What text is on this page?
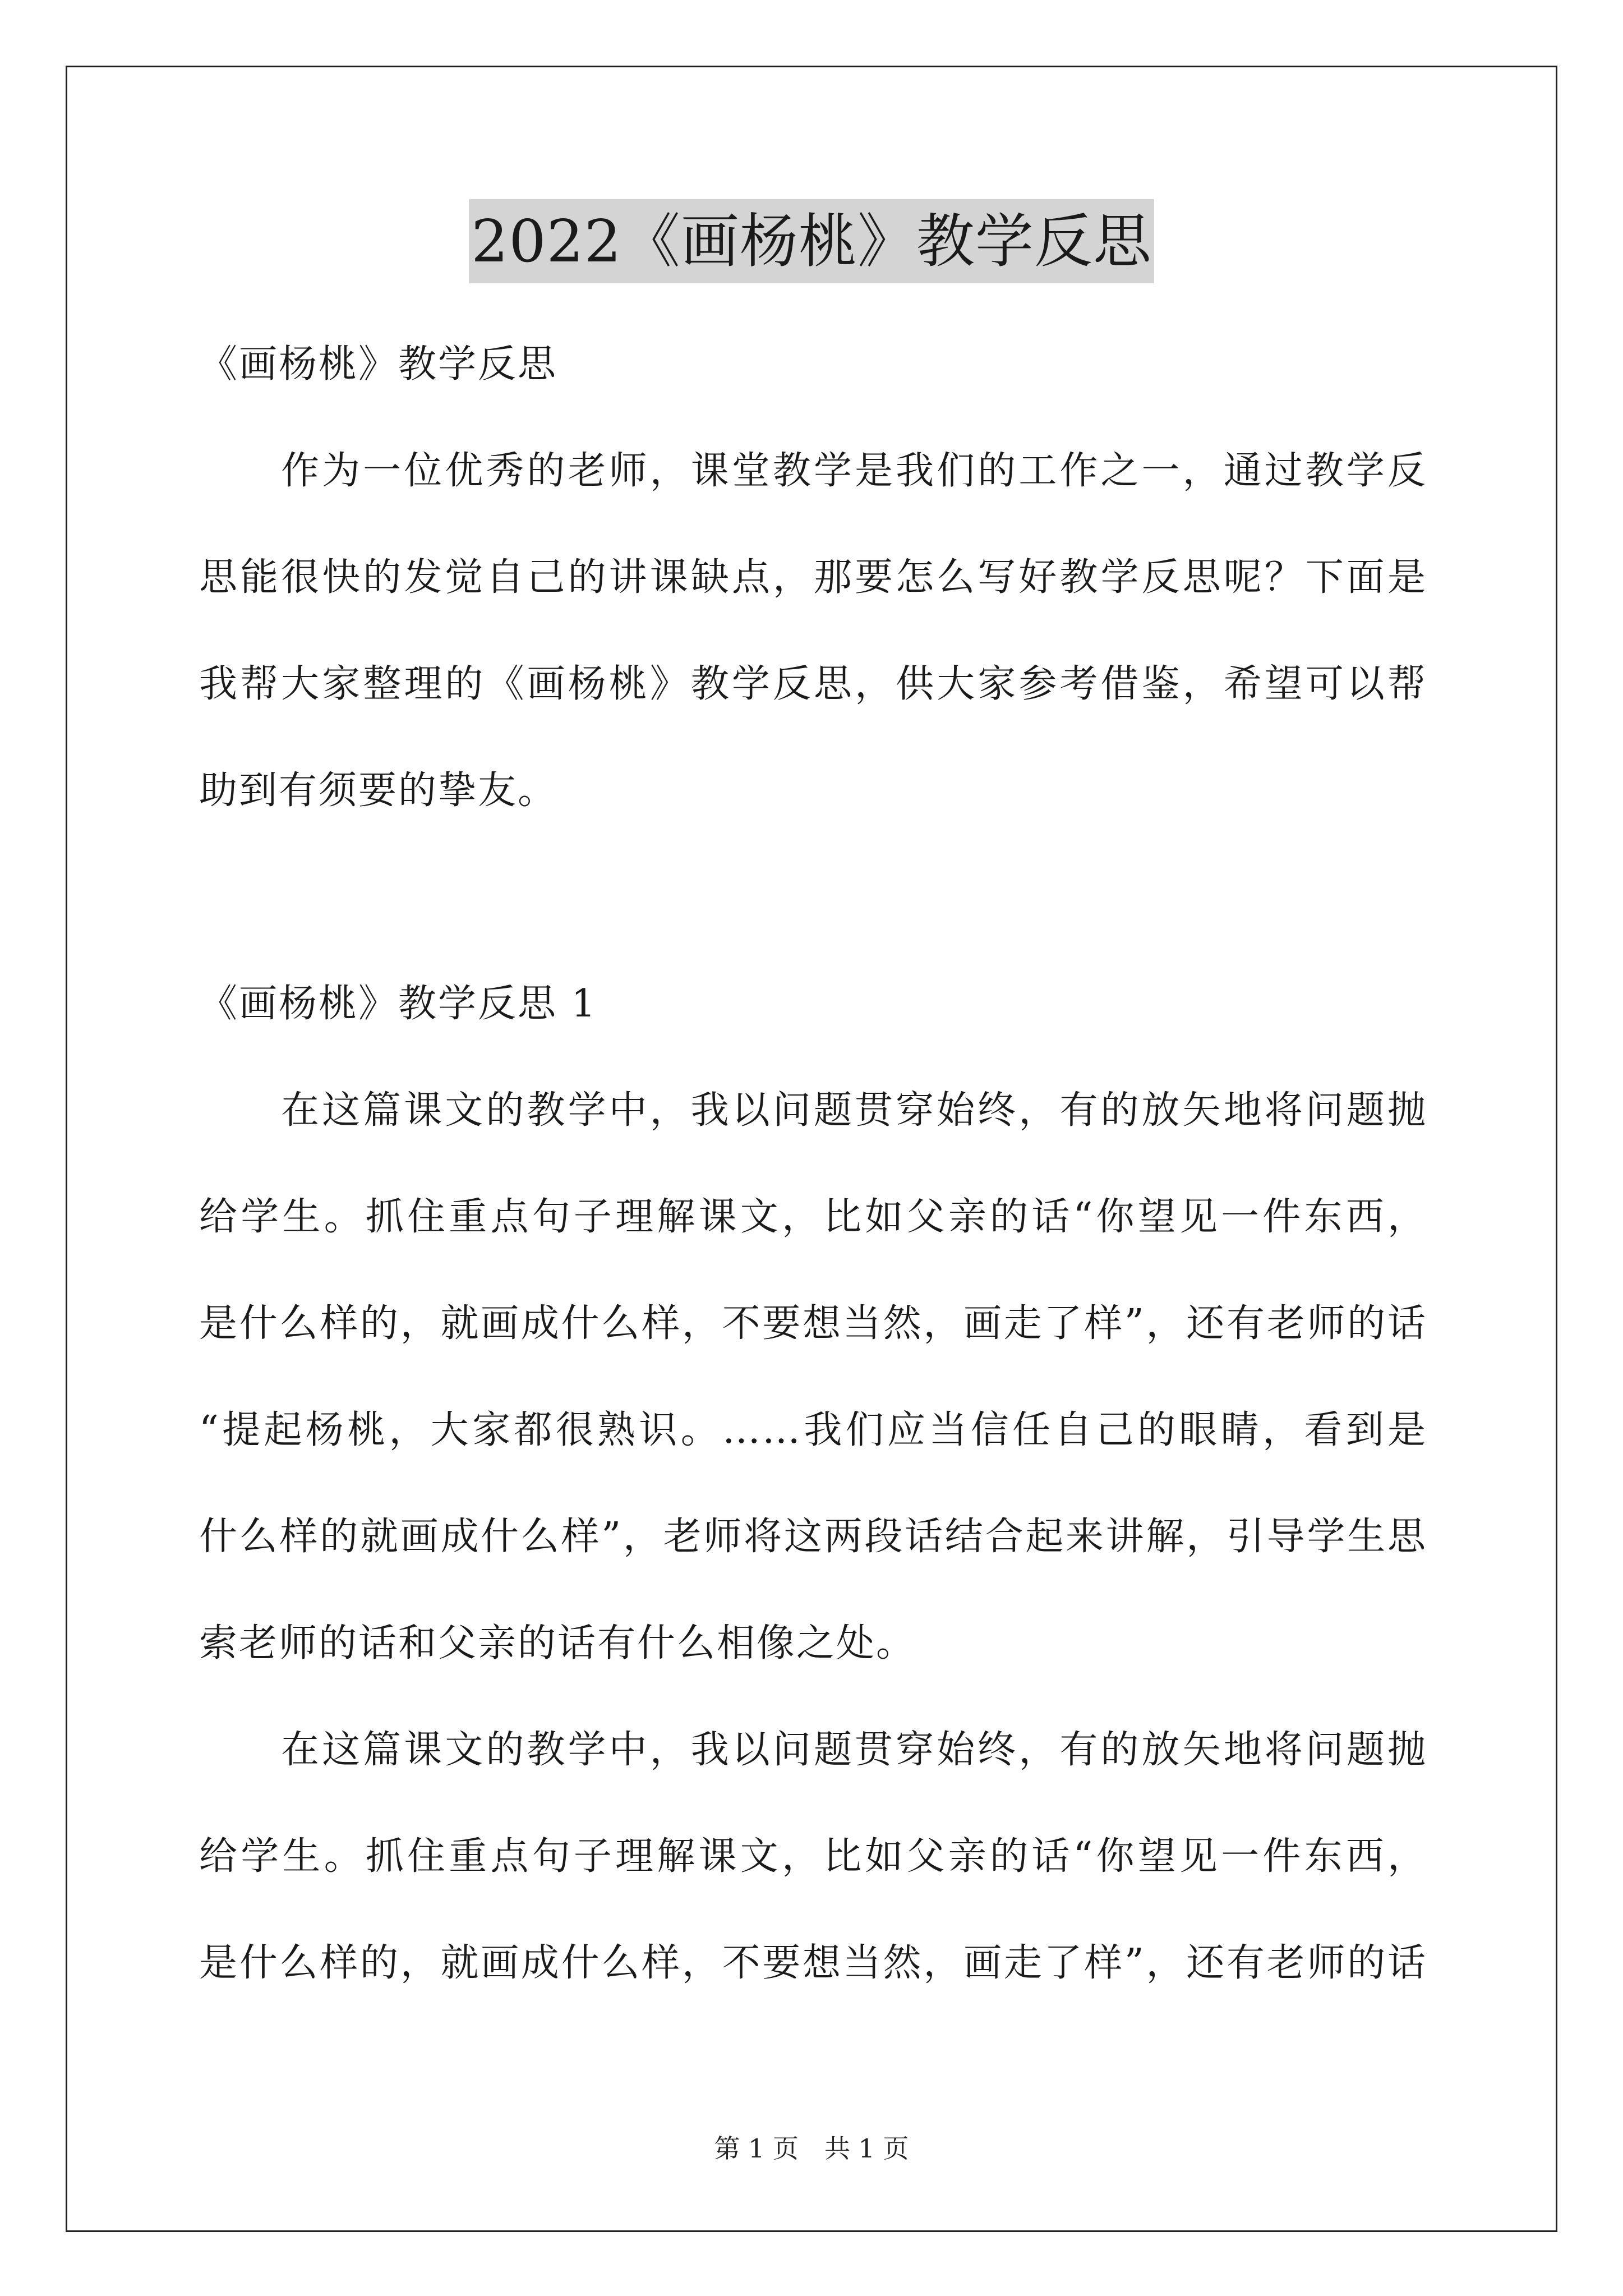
2022《画杨桃》教学反思
《画杨桃》教学反思
作为一位优秀的老师，课堂教学是我们的工作之一，通过教学反
思能很快的发觉自己的讲课缺点，那要怎么写好教学反思呢？下面是
我帮大家整理的《画杨桃》教学反思，供大家参考借鉴，希望可以帮
助到有须要的挚友。
《画杨桃》教学反思 1
在这篇课文的教学中，我以问题贯穿始终，有的放矢地将问题抛
给学生。抓住重点句子理解课文，比如父亲的话“你望见一件东西，
是什么样的，就画成什么样，不要想当然，画走了样”，还有老师的话
“提起杨桃，大家都很熟识。……我们应当信任自己的眼睛，看到是
什么样的就画成什么样”，老师将这两段话结合起来讲解，引导学生思
索老师的话和父亲的话有什么相像之处。
在这篇课文的教学中，我以问题贯穿始终，有的放矢地将问题抛
给学生。抓住重点句子理解课文，比如父亲的话“你望见一件东西，
是什么样的，就画成什么样，不要想当然，画走了样”，还有老师的话
第 1 页　共 1 页
